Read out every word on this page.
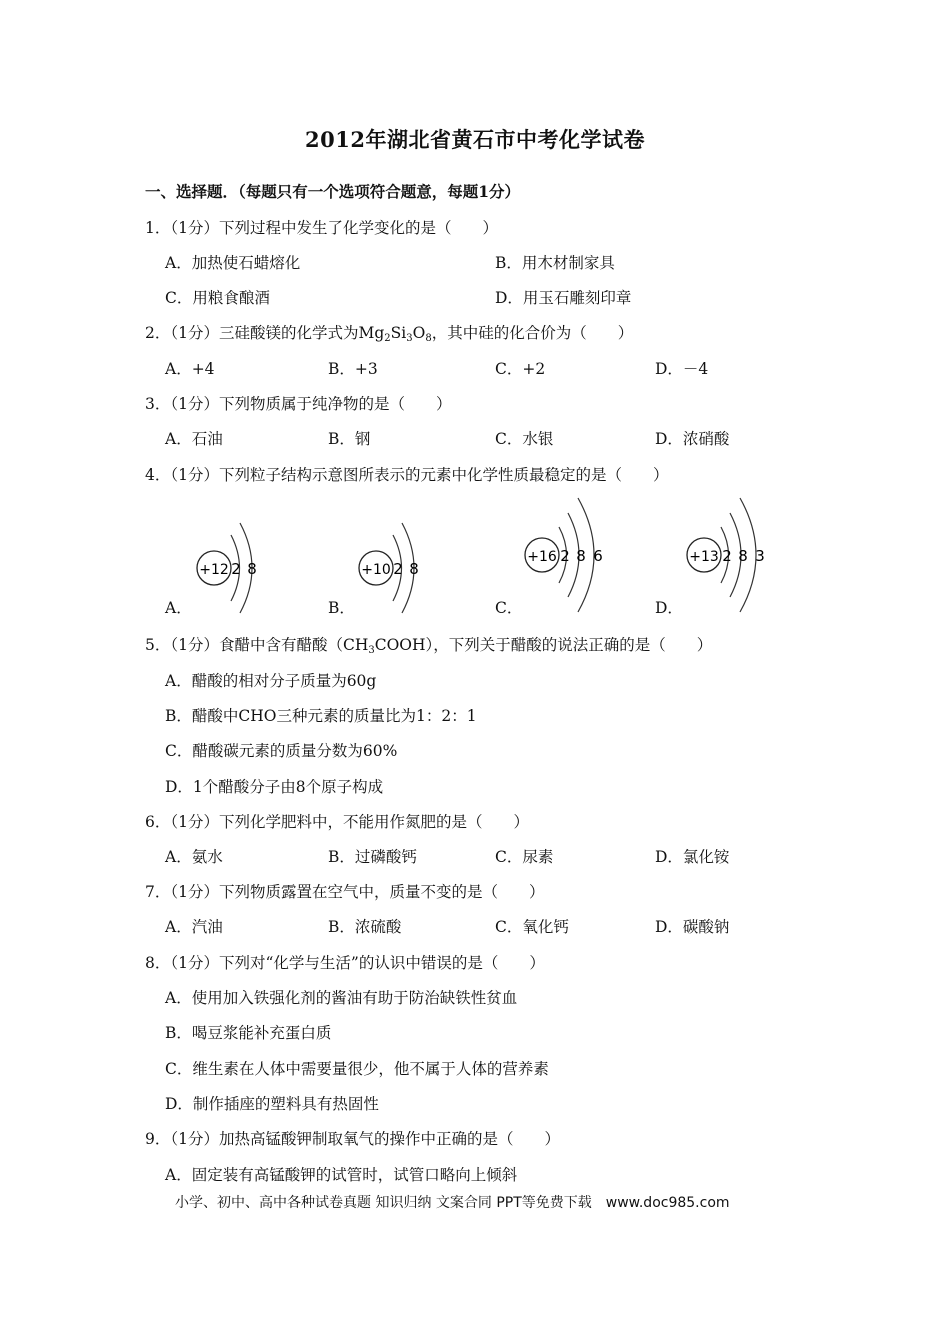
2012年湖北省黄石市中考化学试卷
一、选择题．（每题只有一个选项符合题意，每题1分）
1．（1分）下列过程中发生了化学变化的是（　　）
A．加热使石蜡熔化	B．用木材制家具
C．用粮食酿酒	D．用玉石雕刻印章
2．（1分）三硅酸镁的化学式为$Mg_2Si_3O_8$，其中硅的化合价为（　　）
A．+4	B．+3	C．+2	D．－4
3．（1分）下列物质属于纯净物的是（　　）
A．石油	B．钢	C．水银	D．浓硝酸
4．（1分）下列粒子结构示意图所表示的元素中化学性质最稳定的是（　　）
+12 2 8
A．
+10 2 8
B．
+16 2 8 6
C．
+13 2 8 3
D．
5．（1分）食醋中含有醋酸$(CH_3COOH)$，下列关于醋酸的说法正确的是（　　）
A．醋酸的相对分子质量为60g
B．醋酸中CHO三种元素的质量比为1：2：1
C．醋酸碳元素的质量分数为60%
D．1个醋酸分子由8个原子构成
6．（1分）下列化学肥料中，不能用作氮肥的是（　　）
A．氨水	B．过磷酸钙	C．尿素	D．氯化铵
7．（1分）下列物质露置在空气中，质量不变的是（　　）
A．汽油	B．浓硫酸	C．氧化钙	D．碳酸钠
8．（1分）下列对“化学与生活”的认识中错误的是（　　）
A．使用加入铁强化剂的酱油有助于防治缺铁性贫血
B．喝豆浆能补充蛋白质
C．维生素在人体中需要量很少，他不属于人体的营养素
D．制作插座的塑料具有热固性
9．（1分）加热高锰酸钾制取氧气的操作中正确的是（　　）
A．固定装有高锰酸钾的试管时，试管口略向上倾斜
小学、初中、高中各种试卷真题 知识归纳 文案合同 PPT等免费下载　www.doc985.com
